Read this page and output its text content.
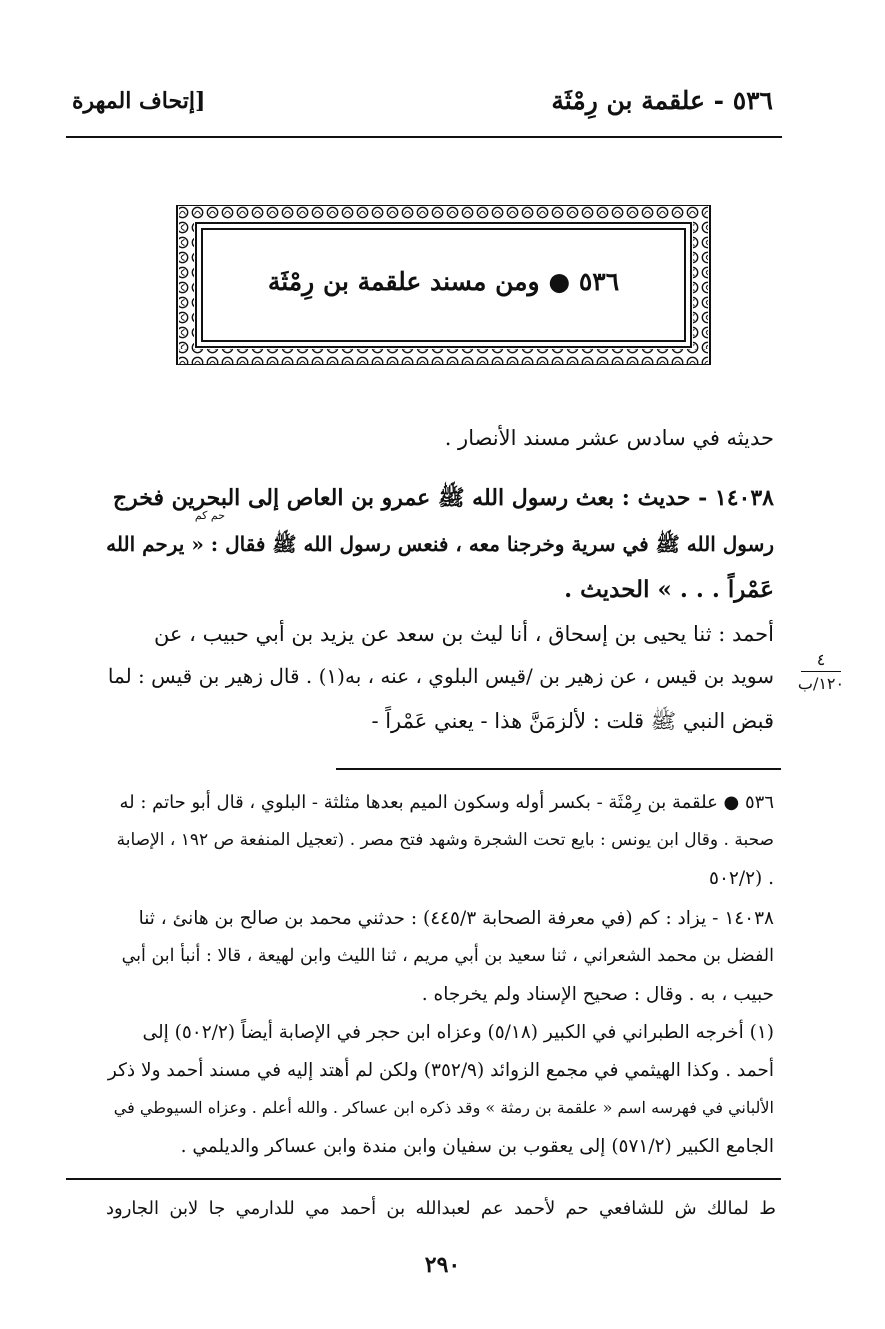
٥٣٦ - علقمة بن رِمْثَة
[إتحاف المهرة
٥٣٦ ● ومن مسند علقمة بن رِمْثَة
حديثه في سادس عشر مسند الأنصار .
١٤٠٣٨ - حديث : بعث رسول الله ﷺ عمرو بن العاص إلى البحرين فخرج
حم كم
رسول الله ﷺ في سرية وخرجنا معه ، فنعس رسول الله ﷺ فقال : « يرحم الله
عَمْراً . . . » الحديث .
أحمد : ثنا يحيى بن إسحاق ، أنا ليث بن سعد عن يزيد بن أبي حبيب ، عن
سويد بن قيس ، عن زهير بن /قيس البلوي ، عنه ، به(١) . قال زهير بن قيس : لما
قبض النبي ﷺ قلت : لألزمَنَّ هذا - يعني عَمْراً -
٤
١٢٠/ب
٥٣٦ ● علقمة بن رِمْثَة - بكسر أوله وسكون الميم بعدها مثلثة - البلوي ، قال أبو حاتم : له
صحبة . وقال ابن يونس : بايع تحت الشجرة وشهد فتح مصر . (تعجيل المنفعة ص ١٩٢ ، الإصابة
٥٠٢/٢) .
١٤٠٣٨ - يزاد : كم (في معرفة الصحابة ٤٤٥/٣) : حدثني محمد بن صالح بن هانئ ، ثنا
الفضل بن محمد الشعراني ، ثنا سعيد بن أبي مريم ، ثنا الليث وابن لهيعة ، قالا : أنبأ ابن أبي
حبيب ، به . وقال : صحيح الإسناد ولم يخرجاه .
(١) أخرجه الطبراني في الكبير (٥/١٨) وعزاه ابن حجر في الإصابة أيضاً (٥٠٢/٢) إلى
أحمد . وكذا الهيثمي في مجمع الزوائد (٣٥٢/٩) ولكن لم أهتد إليه في مسند أحمد ولا ذكر
الألباني في فهرسه اسم « علقمة بن رمثة » وقد ذكره ابن عساكر . والله أعلم . وعزاه السيوطي في
الجامع الكبير (٥٧١/٢) إلى يعقوب بن سفيان وابن مندة وابن عساكر والديلمي .
ط لمالك ش للشافعي حم لأحمد عم لعبدالله بن أحمد مي للدارمي جا لابن الجارود
٢٩٠
